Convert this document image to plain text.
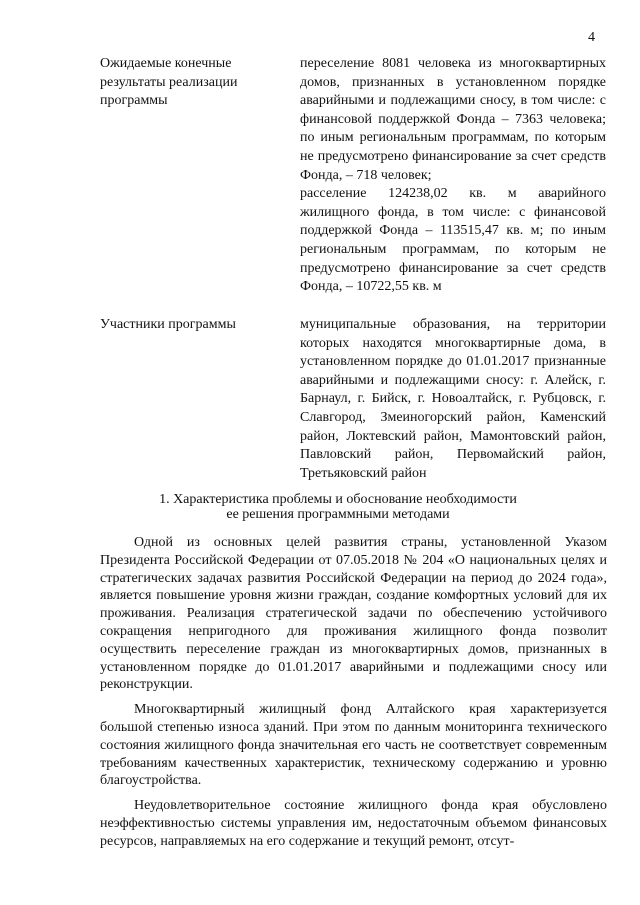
4
Ожидаемые конечные результаты реализации программы

переселение 8081 человека из многоквартирных домов, признанных в установленном порядке аварийными и подлежащими сносу, в том числе: с финансовой поддержкой Фонда – 7363 человека; по иным региональным программам, по которым не предусмотрено финансирование за счет средств Фонда, – 718 человек;

расселение 124238,02 кв. м аварийного жилищного фонда, в том числе: с финансовой поддержкой Фонда – 113515,47 кв. м; по иным региональным программам, по которым не предусмотрено финансирование за счет средств Фонда, – 10722,55 кв. м

Участники программы	муниципальные образования, на территории которых находятся многоквартирные дома, в установленном порядке до 01.01.2017 признанные аварийными и подлежащими сносу: г. Алейск, г. Барнаул, г. Бийск, г. Новоалтайск, г. Рубцовск, г. Славгород, Змеиногорский район, Каменский район, Локтевский район, Мамонтовский район, Павловский район, Первомайский район, Третьяковский район

1. Характеристика проблемы и обоснование необходимости
ее решения программными методами

Одной из основных целей развития страны, установленной Указом Президента Российской Федерации от 07.05.2018 № 204 «О национальных целях и стратегических задачах развития Российской Федерации на период до 2024 года», является повышение уровня жизни граждан, создание комфортных условий для их проживания. Реализация стратегической задачи по обеспечению устойчивого сокращения непригодного для проживания жилищного фонда позволит осуществить переселение граждан из многоквартирных домов, признанных в установленном порядке до 01.01.2017 аварийными и подлежащими сносу или реконструкции.

Многоквартирный жилищный фонд Алтайского края характеризуется большой степенью износа зданий. При этом по данным мониторинга технического состояния жилищного фонда значительная его часть не соответствует современным требованиям качественных характеристик, техническому содержанию и уровню благоустройства.

Неудовлетворительное состояние жилищного фонда края обусловлено неэффективностью системы управления им, недостаточным объемом финансовых ресурсов, направляемых на его содержание и текущий ремонт, отсут-
